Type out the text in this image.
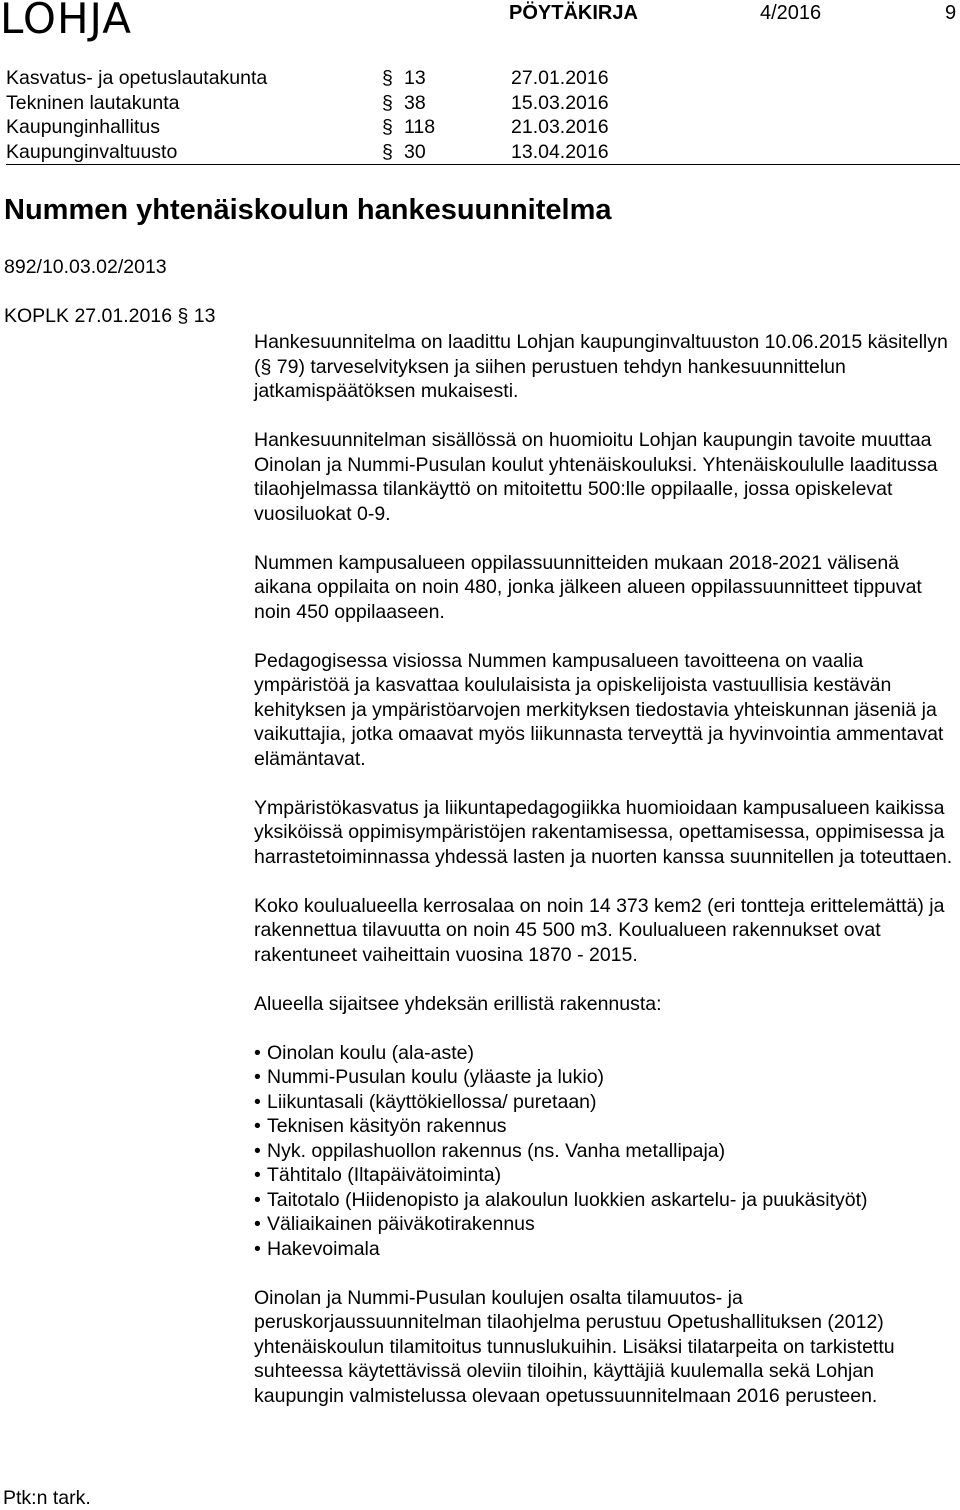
LOHJA	PÖYTÄKIRJA	4/2016	9
Kasvatus- ja opetuslautakunta	§ 13	27.01.2016
Tekninen lautakunta	§ 38	15.03.2016
Kaupunginhallitus	§ 118	21.03.2016
Kaupunginvaltuusto	§ 30	13.04.2016
Nummen yhtenäiskoulun hankesuunnitelma
892/10.03.02/2013
KOPLK 27.01.2016 § 13

Hankesuunnitelma on laadittu Lohjan kaupunginvaltuuston 10.06.2015 käsitellyn (§ 79) tarveselvityksen ja siihen perustuen tehdyn hankesuunnittelun jatkamispäätöksen mukaisesti.

Hankesuunnitelman sisällössä on huomioitu Lohjan kaupungin tavoite muuttaa Oinolan ja Nummi-Pusulan koulut yhtenäiskouluksi. Yhtenäiskoululle laaditussa tilaohjelmassa tilankäyttö on mitoitettu 500:lle oppilaalle, jossa opiskelevat vuosiluokat 0-9.

Nummen kampusalueen oppilassuunnitteiden mukaan 2018-2021 välisenä aikana oppilaita on noin 480, jonka jälkeen alueen oppilassuunnitteet tippuvat noin 450 oppilaaseen.

Pedagogisessa visiossa Nummen kampusalueen tavoitteena on vaalia ympäristöä ja kasvattaa koululaisista ja opiskelijoista vastuullisia kestävän kehityksen ja ympäristöarvojen merkityksen tiedostavia yhteiskunnan jäseniä ja vaikuttajia, jotka omaavat myös liikunnasta terveyttä ja hyvinvointia ammentavat elämäntavat.

Ympäristökasvatus ja liikuntapedagogiikka huomioidaan kampusalueen kaikissa yksiköissä oppimisympäristöjen rakentamisessa, opettamisessa, oppimisessa ja harrastetoiminnassa yhdessä lasten ja nuorten kanssa suunnitellen ja toteuttaen.

Koko koulualueella kerrosalaa on noin 14 373 kem2 (eri tontteja erittelemättä) ja rakennettua tilavuutta on noin 45 500 m3. Koulualueen rakennukset ovat rakentuneet vaiheittain vuosina 1870 - 2015.

Alueella sijaitsee yhdeksän erillistä rakennusta:

• Oinolan koulu (ala-aste)
• Nummi-Pusulan koulu (yläaste ja lukio)
• Liikuntasali (käyttökiellossa/ puretaan)
• Teknisen käsityön rakennus
• Nyk. oppilashuollon rakennus (ns. Vanha metallipaja)
• Tähtitalo (Iltapäivätoiminta)
• Taitotalo (Hiidenopisto ja alakoulun luokkien askartelu- ja puukäsityöt)
• Väliaikainen päiväkotirakennus
• Hakevoimala

Oinolan ja Nummi-Pusulan koulujen osalta tilamuutos- ja peruskorjaussuunnitelman tilaohjelma perustuu Opetushallituksen (2012) yhtenäiskoulun tilamitoitus tunnuslukuihin. Lisäksi tilatarpeita on tarkistettu suhteessa käytettävissä oleviin tiloihin, käyttäjiä kuulemalla sekä Lohjan kaupungin valmistelussa olevaan opetussuunnitelmaan 2016 perusteen.

Ptk:n tark.
